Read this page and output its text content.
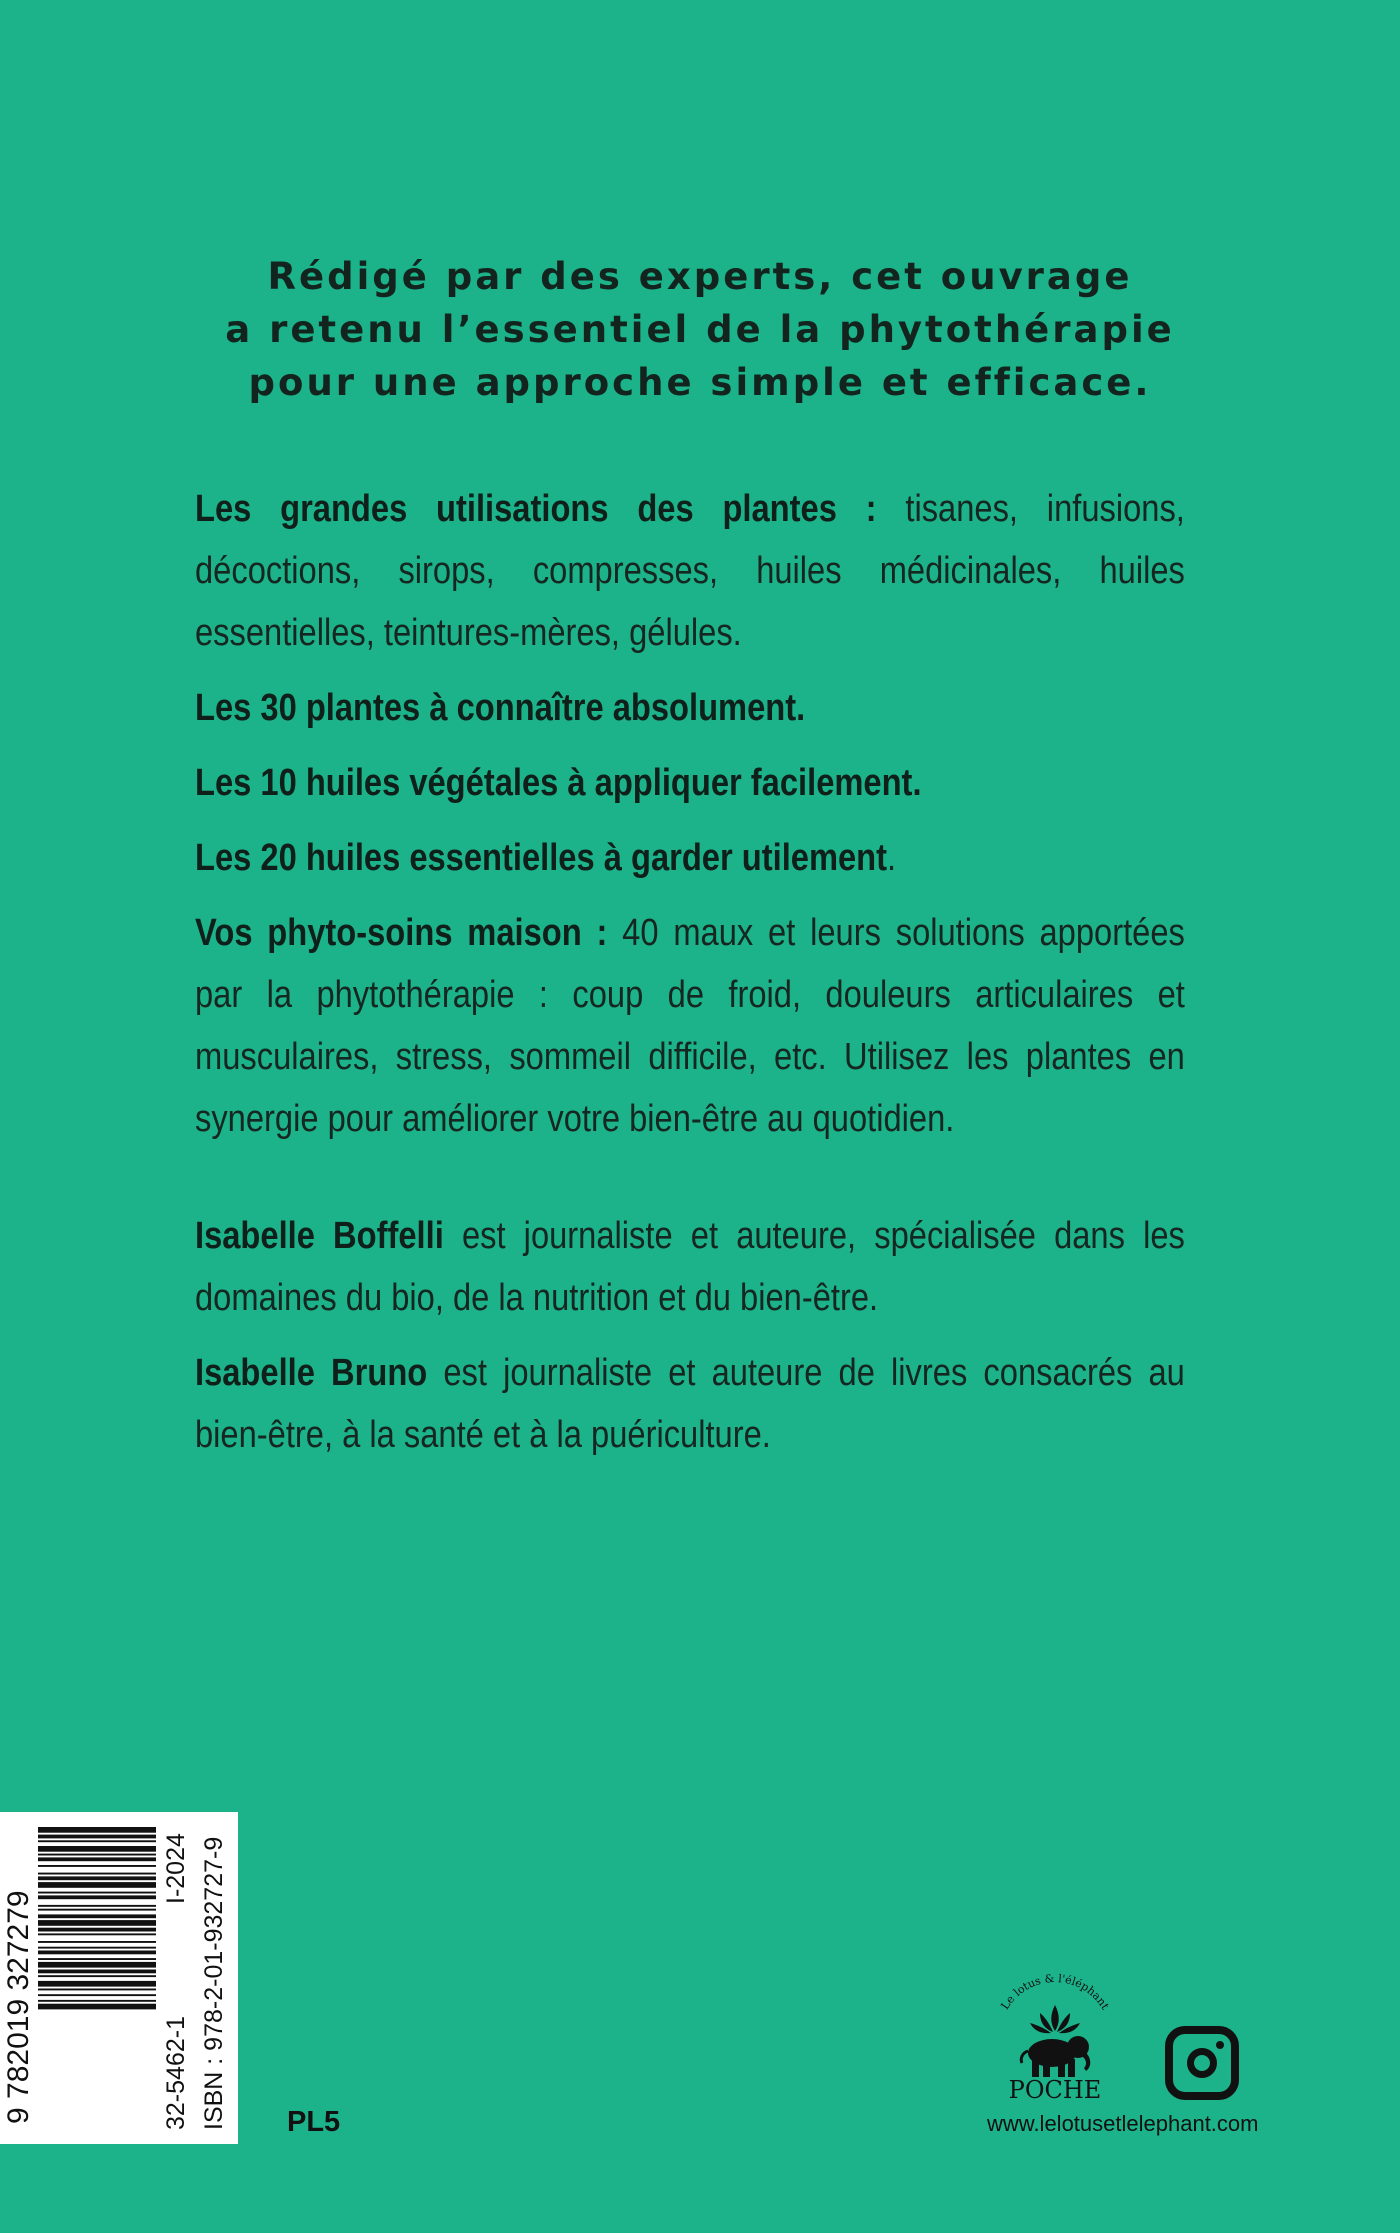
Rédigé par des experts, cet ouvrage
a retenu l’essentiel de la phytothérapie
pour une approche simple et efficace.

Les grandes utilisations des plantes : tisanes, infusions, décoctions, sirops, compresses, huiles médicinales, huiles essentielles, teintures-mères, gélules.

Les 30 plantes à connaître absolument.

Les 10 huiles végétales à appliquer facilement.

Les 20 huiles essentielles à garder utilement.

Vos phyto-soins maison : 40 maux et leurs solutions apportées par la phytothérapie : coup de froid, douleurs articulaires et musculaires, stress, sommeil difficile, etc. Utilisez les plantes en synergie pour améliorer votre bien-être au quotidien.

Isabelle Boffelli est journaliste et auteure, spécialisée dans les domaines du bio, de la nutrition et du bien-être.

Isabelle Bruno est journaliste et auteure de livres consacrés au bien-être, à la santé et à la puériculture.

9 782019 327279	32-5462-1
I-2024 ISBN : 978-2-01-932727-9 PL5
Le lotus & l'éléphant
POCHE
www.lelotusetlelephant.com
